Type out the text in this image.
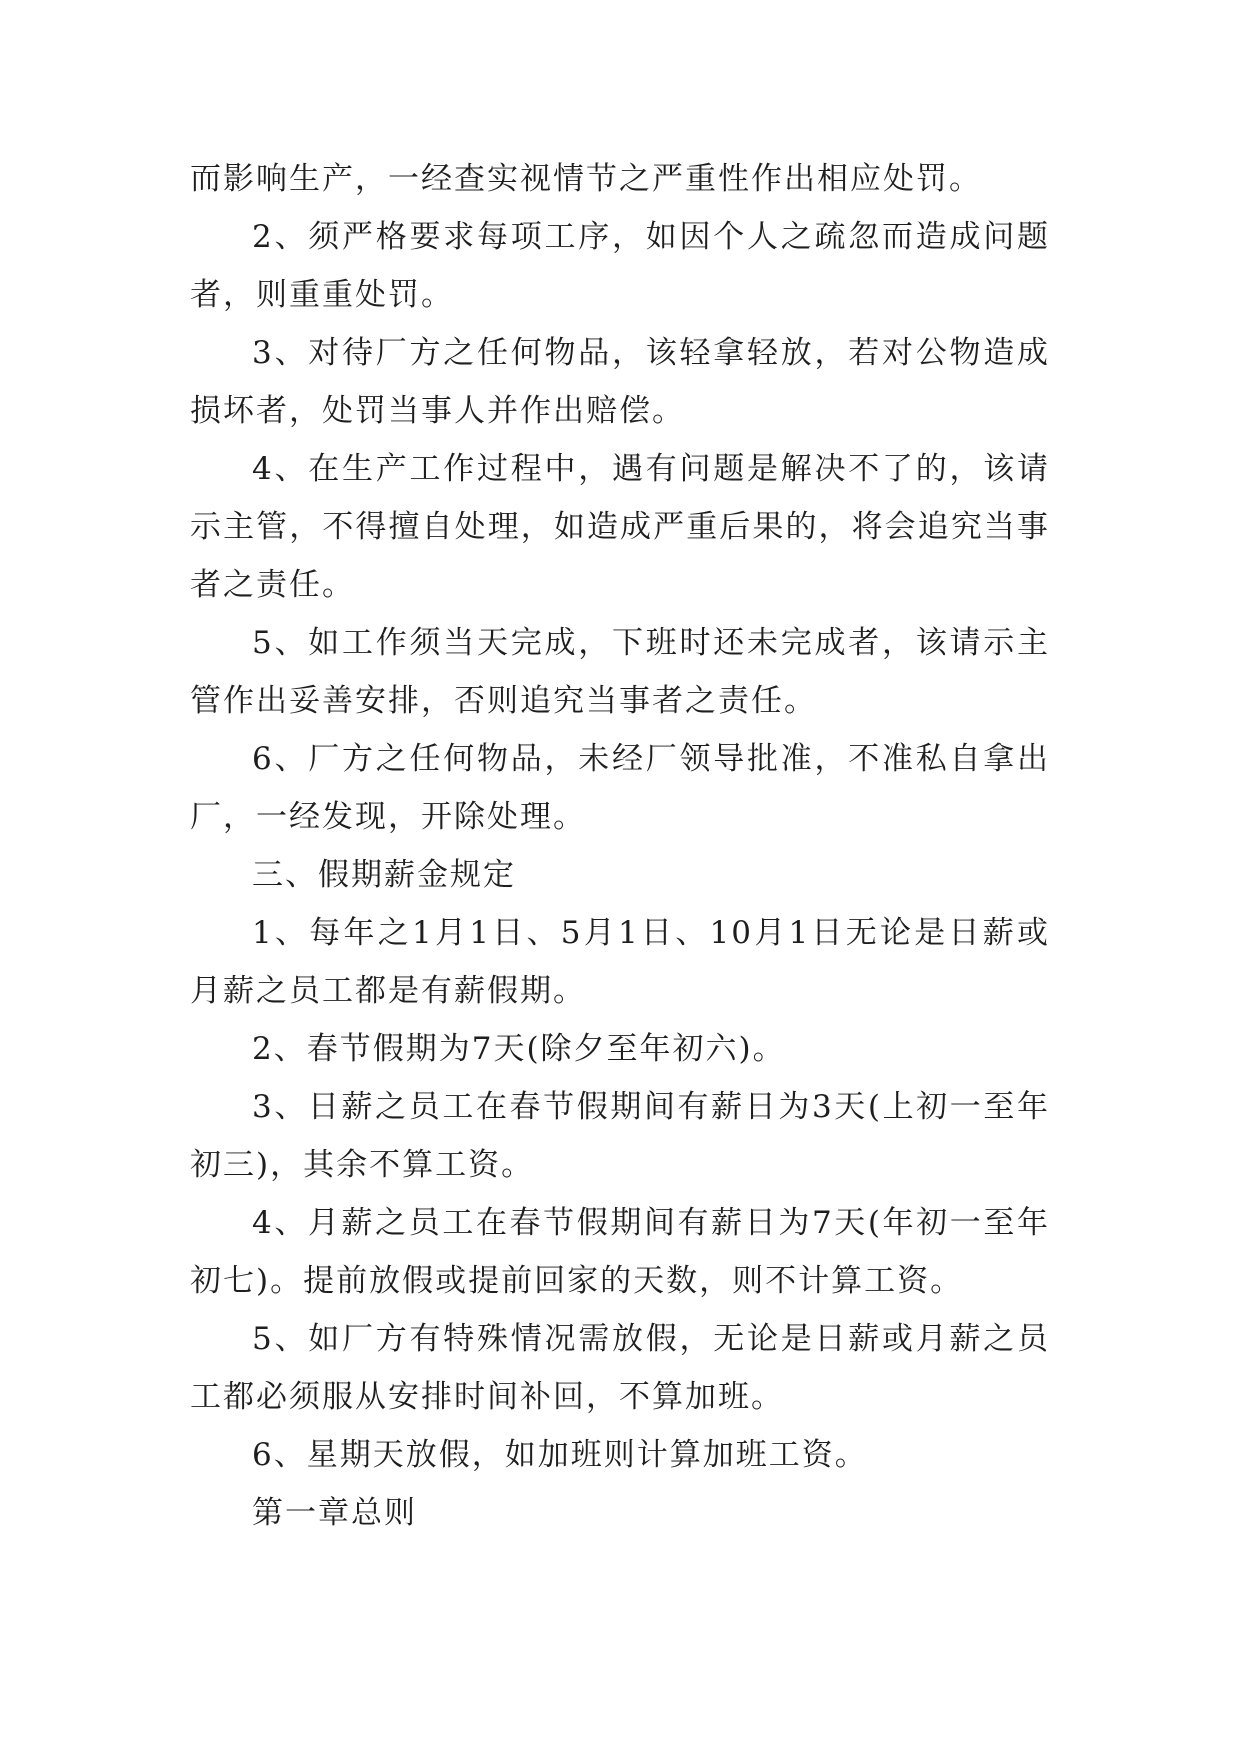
而影响生产，一经查实视情节之严重性作出相应处罚。

2、须严格要求每项工序，如因个人之疏忽而造成问题者，则重重处罚。

3、对待厂方之任何物品，该轻拿轻放，若对公物造成损坏者，处罚当事人并作出赔偿。

4、在生产工作过程中，遇有问题是解决不了的，该请示主管，不得擅自处理，如造成严重后果的，将会追究当事者之责任。

5、如工作须当天完成，下班时还未完成者，该请示主管作出妥善安排，否则追究当事者之责任。

6、厂方之任何物品，未经厂领导批准，不准私自拿出厂，一经发现，开除处理。

三、假期薪金规定

1、每年之1月1日、5月1日、10月1日无论是日薪或月薪之员工都是有薪假期。

2、春节假期为7天(除夕至年初六)。

3、日薪之员工在春节假期间有薪日为3天(上初一至年初三)，其余不算工资。

4、月薪之员工在春节假期间有薪日为7天(年初一至年初七)。提前放假或提前回家的天数，则不计算工资。

5、如厂方有特殊情况需放假，无论是日薪或月薪之员工都必须服从安排时间补回，不算加班。

6、星期天放假，如加班则计算加班工资。

第一章总则
